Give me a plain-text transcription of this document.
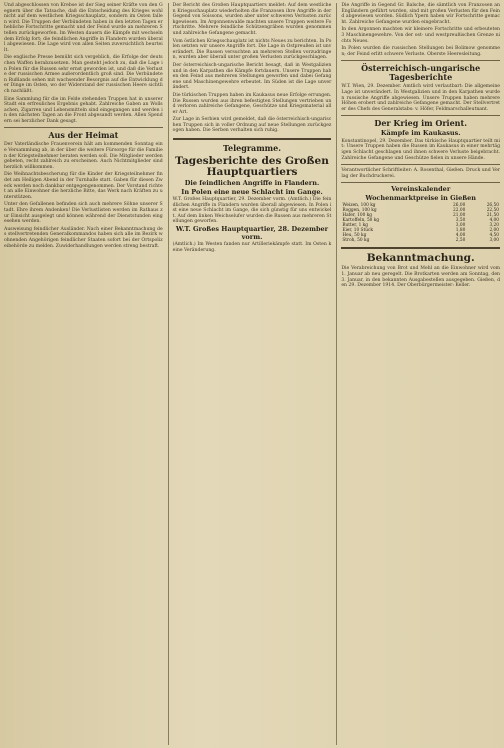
Und abgeschlossen von Krebse ist der Sieg seiner Kräfte von den Gegnern über die Tatsache, daß die Entscheidung des Krieges wohl nicht auf dem westlichen Kriegsschauplatz, sondern im Osten fallen wird. Die Truppen der Verbündeten haben in den letzten Tagen erhebliche Fortschritte gemacht und der Feind wurde an mehreren Stellen zurückgeworfen. Im Westen dauern die Kämpfe mit wechselndem Erfolg fort; die feindlichen Angriffe in Flandern wurden überall abgewiesen. Die Lage wird von allen Seiten zuversichtlich beurteilt.

Die englische Presse bemüht sich vergeblich, die Erfolge der deutschen Waffen herabzusetzen. Man gesteht jedoch zu, daß die Lage in Polen für die Russen sehr ernst geworden ist, und daß die Verluste der russischen Armee außerordentlich groß sind. Die Verbündeten Rußlands sehen mit wachsender Besorgnis auf die Entwicklung der Dinge im Osten, wo der Widerstand der russischen Heere sichtlich nachläßt.

Eine Sammlung für die im Felde stehenden Truppen hat in unserer Stadt ein erfreuliches Ergebnis gehabt. Zahlreiche Gaben an Wollsachen, Zigarren und Lebensmitteln sind eingegangen und werden in den nächsten Tagen an die Front abgesandt werden. Allen Spendern sei herzlicher Dank gesagt.

Aus der Heimat

Der Vaterländische Frauenverein hält am kommenden Sonntag eine Versammlung ab, in der über die weitere Fürsorge für die Familien der Kriegsteilnehmer beraten werden soll. Die Mitglieder werden gebeten, recht zahlreich zu erscheinen. Auch Nichtmitglieder sind herzlich willkommen.

Die Weihnachtsbescherung für die Kinder der Kriegsteilnehmer findet am Heiligen Abend in der Turnhalle statt. Gaben für diesen Zweck werden noch dankbar entgegengenommen. Der Vorstand richtet an alle Einwohner die herzliche Bitte, das Werk nach Kräften zu unterstützen.

Unter den Gefallenen befinden sich auch mehrere Söhne unserer Stadt. Ehre ihrem Andenken! Die Verlustlisten werden im Rathaus zur Einsicht ausgelegt und können während der Dienststunden eingesehen werden.

Ausweisung feindlicher Ausländer. Nach einer Bekanntmachung des stellvertretenden Generalkommandos haben sich alle im Bezirk wohnenden Angehörigen feindlicher Staaten sofort bei der Ortspolizeibehörde zu melden. Zuwiderhandlungen werden streng bestraft.

Der Bericht des Großen Hauptquartiers meldet: Auf dem westlichen Kriegsschauplatz wiederholten die Franzosen ihre Angriffe in der Gegend von Soissons, wurden aber unter schweren Verlusten zurückgewiesen. Im Argonnenwalde machten unsere Truppen weitere Fortschritte. Mehrere feindliche Schützengräben wurden genommen und zahlreiche Gefangene gemacht.

Vom östlichen Kriegsschauplatz ist nichts Neues zu berichten. In Polen setzten wir unsere Angriffe fort. Die Lage in Ostpreußen ist unverändert. Die Russen versuchten an mehreren Stellen vorzudringen, wurden aber überall unter großen Verlusten zurückgeschlagen.

Der österreichisch-ungarische Bericht besagt, daß in Westgalizien und in den Karpathen die Kämpfe fortdauern. Unsere Truppen haben den Feind aus mehreren Stellungen geworfen und dabei Gefangene und Maschinengewehre erbeutet. Im Süden ist die Lage unverändert.

Die türkischen Truppen haben im Kaukasus neue Erfolge errungen. Die Russen wurden aus ihren befestigten Stellungen vertrieben und verloren zahlreiche Gefangene, Geschütze und Kriegsmaterial aller Art.

Zur Lage in Serbien wird gemeldet, daß die österreichisch-ungarischen Truppen sich in voller Ordnung auf neue Stellungen zurückgezogen haben. Die Serben verhalten sich ruhig.

Telegramme.
Tagesberichte des Großen Hauptquartiers
Die feindlichen Angriffe in Flandern.
In Polen eine neue Schlacht im Gange.

W.T. Großes Hauptquartier, 29. Dezember vorm. (Amtlich.) Die feindlichen Angriffe in Flandern wurden überall abgewiesen. In Polen ist eine neue Schlacht im Gange, die sich günstig für uns entwickelt. Auf dem linken Weichselufer wurden die Russen aus mehreren Stellungen geworfen.

W.T. Großes Hauptquartier, 28. Dezember vorm.

(Amtlich.) Im Westen fanden nur Artilleriekämpfe statt. Im Osten keine Veränderung.

Die Angriffe in Gegend Gr. Balsche, die sämtlich von Franzosen an Engländern geführt wurden, sind mit großen Verlusten für den Feind abgewiesen worden. Südlich Ypern haben wir Fortschritte gemacht. Zahlreiche Gefangene wurden eingebracht.

In den Argonnen machten wir kleinere Fortschritte und erbeuteten 3 Maschinengewehre. Von der ost- und westpreußischen Grenze nichts Neues.

In Polen wurden die russischen Stellungen bei Bolimow genommen; der Feind erlitt schwere Verluste. Oberste Heeresleitung.

Österreichisch-ungarische Tagesberichte

W.T. Wien, 29. Dezember. Amtlich wird verlautbart: Die allgemeine Lage ist unverändert. In Westgalizien und in den Karpathen wurden russische Angriffe abgewiesen. Unsere Truppen haben mehrere Höhen erobert und zahlreiche Gefangene gemacht. Der Stellvertreter des Chefs des Generalstabs: v. Höfer, Feldmarschalleutnant.

Der Krieg im Orient.
Kämpfe im Kaukasus.

Konstantinopel, 29. Dezember. Das türkische Hauptquartier teilt mit: Unsere Truppen haben die Russen im Kaukasus in einer mehrtägigen Schlacht geschlagen und ihnen schwere Verluste beigebracht. Zahlreiche Gefangene und Geschütze fielen in unsere Hände.

Verantwortlicher Schriftleiter: A. Rosenthal, Gießen. Druck und Verlag der Buchdruckerei.

Vereinskalender
Wochenmarktpreise in Gießen
Weizen, 100 kg	26,00	26,50
Roggen, 100 kg	22,00	22,50
Hafer, 100 kg	21,00	21,50
Kartoffeln, 50 kg	3,50	4,00
Butter, 1 kg	3,00	3,20
Eier, 10 Stück	1,80	2,00
Heu, 50 kg	4,00	4,50
Stroh, 50 kg	2,50	3,00
Bekanntmachung.

Die Verabreichung von Brot und Mehl an die Einwohner wird vom 1. Januar ab neu geregelt. Die Brotkarten werden am Sonntag, den 3. Januar, in den bekannten Ausgabestellen ausgegeben. Gießen, den 29. Dezember 1914. Der Oberbürgermeister: Keller.
